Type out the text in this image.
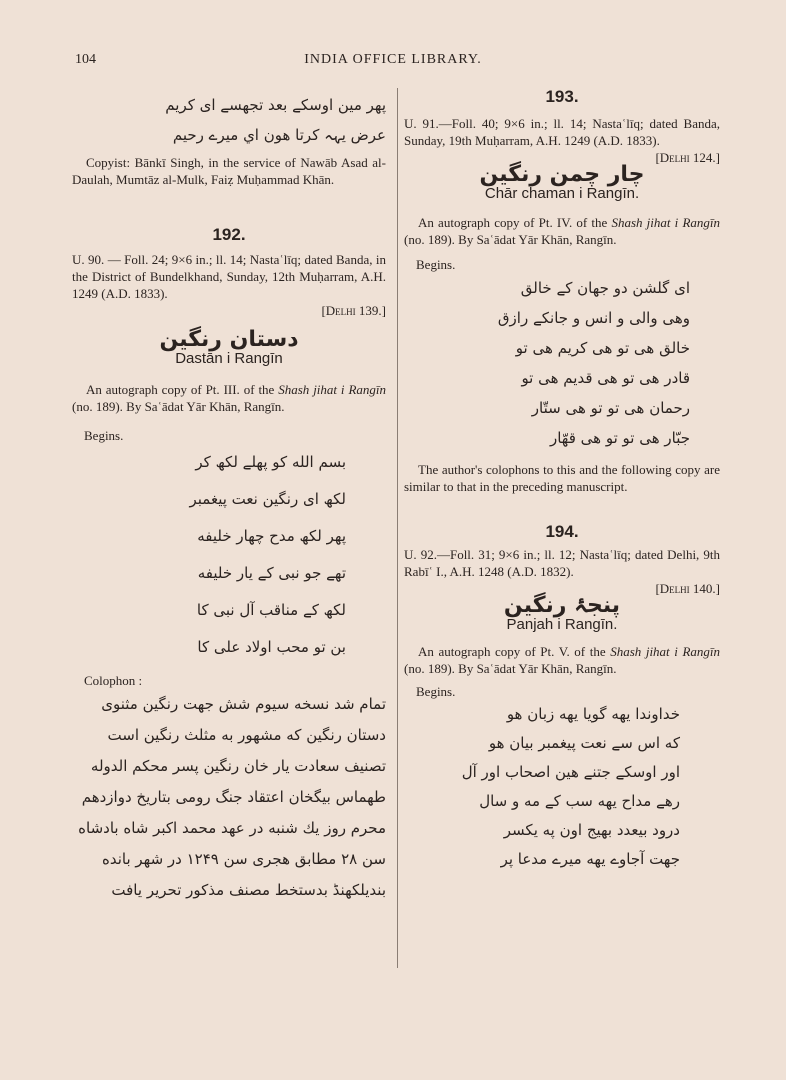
104	INDIA OFFICE LIBRARY.
پھر مین اوسکے بعد تجھسے ای کریم
عرض یہہ کرتا هون اي میرے رحیم

Copyist: Bānkī Singh, in the service of Nawāb Asad al-Daulah, Mumtāz al-Mulk, Faiẓ Muḥammad Khān.

192.

U. 90. — Foll. 24; 9×6 in.; ll. 14; Nastaʿlīq; dated Banda, in the District of Bundelkhand, Sunday, 12th Muḥarram, A.H. 1249 (A.D. 1833).

[Delhi 139.]

دستان رنگین

Dastān i Rangīn

An autograph copy of Pt. III. of the Shash jihat i Rangīn (no. 189). By Saʿādat Yār Khān, Rangīn.

Begins.

بسم الله کو پهلے لکھ کر
لکھ ای رنگین نعت پیغمبر
پهر لکھ مدح چهار خلیفه
تھے جو نبی کے یار خلیفه
لکھ کے مناقب آل نبی کا
بن تو محب اولاد علی کا

Colophon :

تمام شد نسخه سیوم شش جهت رنگین مثنوی
دستان رنگین که مشهور به مثلث رنگین است
تصنیف سعادت یار خان رنگین پسر محکم الدوله
طهماس بیگخان اعتقاد جنگ رومی بتاریخ دوازدهم
محرم روز یك شنبه در عهد محمد اکبر شاه بادشاه
سن ۲۸ مطابق هجری سن ۱۲۴۹ در شهر بانده
بندیلکهنڈ بدستخط مصنف مذکور تحریر یافت

193.

U. 91.—Foll. 40; 9×6 in.; ll. 14; Nastaʿlīq; dated Banda, Sunday, 19th Muḥarram, A.H. 1249 (A.D. 1833).

[Delhi 124.]

چار چمن رنگین

Chār chaman i Rangīn.

An autograph copy of Pt. IV. of the Shash jihat i Rangīn (no. 189). By Saʿādat Yār Khān, Rangīn.

Begins.

ای گلشن دو جهان کے خالق
وهی والی و انس و جانکے رازق
خالق هی تو هی کریم هی تو
قادر هی تو هی قدیم هی تو
رحمان هی تو تو هی ستّار
جبّار هی تو تو هی قهّار

The author's colophons to this and the following copy are similar to that in the preceding manuscript.

194.

U. 92.—Foll. 31; 9×6 in.; ll. 12; Nastaʿlīq; dated Delhi, 9th Rabīʿ I., A.H. 1248 (A.D. 1832).

[Delhi 140.]

پنجۂ رنگین

Panjah i Rangīn.

An autograph copy of Pt. V. of the Shash jihat i Rangīn (no. 189). By Saʿādat Yār Khān, Rangīn.

Begins.

خداوندا یهه گویا یهه زبان هو
که اس سے نعت پیغمبر بیان هو
اور اوسکے جتنے هین اصحاب اور آل
رهے مداح یهه سب کے مه و سال
درود بیعدد بهیج اون په یکسر
جهت آجاوے یهه میرے مدعا پر
